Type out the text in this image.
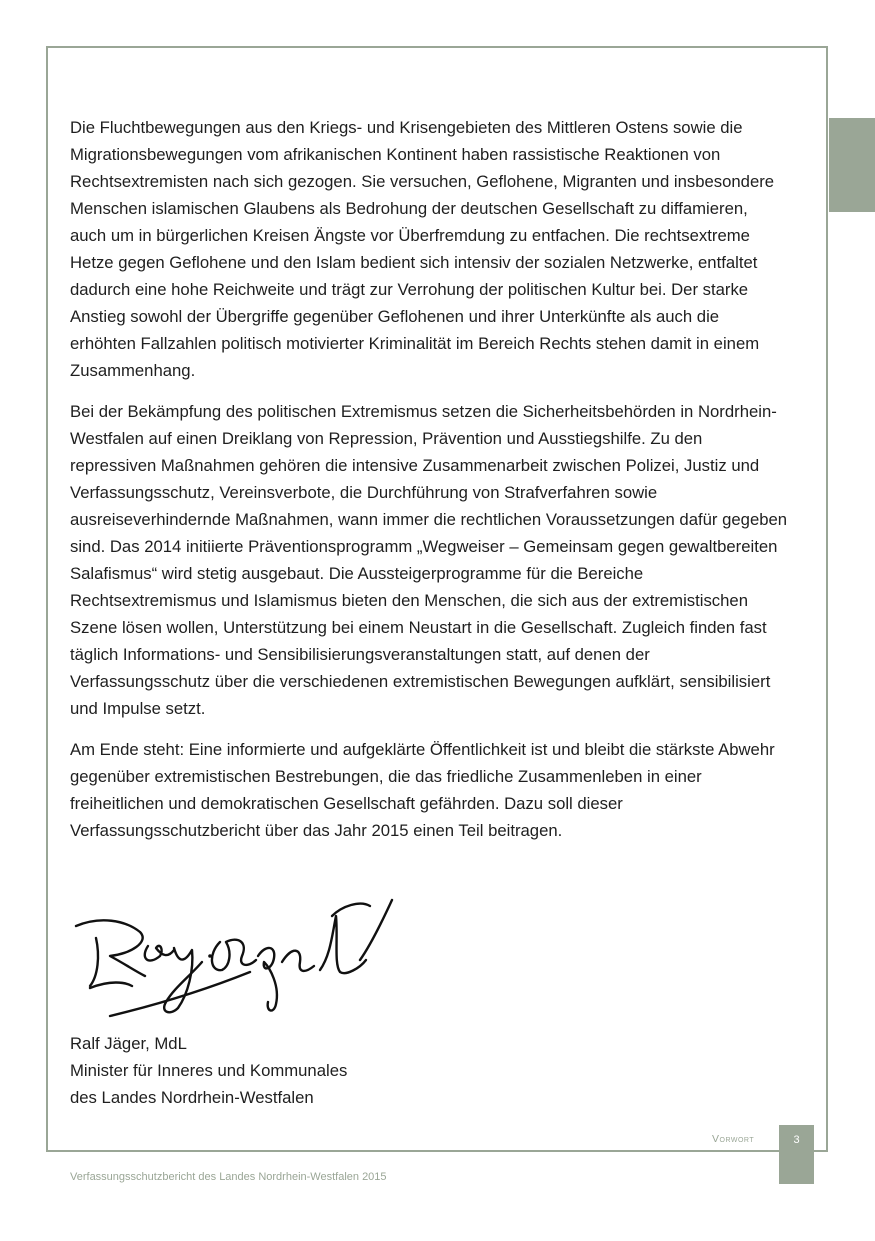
Die Fluchtbewegungen aus den Kriegs- und Krisengebieten des Mittleren Ostens sowie die Migrationsbewegungen vom afrikanischen Kontinent haben rassistische Reaktionen von Rechtsextremisten nach sich gezogen. Sie versuchen, Geflohene, Migranten und insbesondere Menschen islamischen Glaubens als Bedrohung der deutschen Gesellschaft zu diffamieren, auch um in bürgerlichen Kreisen Ängste vor Überfremdung zu entfachen. Die rechtsextreme Hetze gegen Geflohene und den Islam bedient sich intensiv der sozialen Netzwerke, entfaltet dadurch eine hohe Reichweite und trägt zur Verrohung der politischen Kultur bei. Der starke Anstieg sowohl der Übergriffe gegenüber Geflohenen und ihrer Unterkünfte als auch die erhöhten Fallzahlen politisch motivierter Kriminalität im Bereich Rechts stehen damit in einem Zusammenhang.

Bei der Bekämpfung des politischen Extremismus setzen die Sicherheitsbehörden in Nordrhein-Westfalen auf einen Dreiklang von Repression, Prävention und Ausstiegshilfe. Zu den repressiven Maßnahmen gehören die intensive Zusammenarbeit zwischen Polizei, Justiz und Verfassungsschutz, Vereinsverbote, die Durchführung von Strafverfahren sowie ausreiseverhindernde Maßnahmen, wann immer die rechtlichen Voraussetzungen dafür gegeben sind. Das 2014 initiierte Präventionsprogramm „Wegweiser – Gemeinsam gegen gewaltbereiten Salafismus“ wird stetig ausgebaut. Die Aussteigerprogramme für die Bereiche Rechtsextremismus und Islamismus bieten den Menschen, die sich aus der extremistischen Szene lösen wollen, Unterstützung bei einem Neustart in die Gesellschaft. Zugleich finden fast täglich Informations- und Sensibilisierungsveranstaltungen statt, auf denen der Verfassungsschutz über die verschiedenen extremistischen Bewegungen aufklärt, sensibilisiert und Impulse setzt.

Am Ende steht: Eine informierte und aufgeklärte Öffentlichkeit ist und bleibt die stärkste Abwehr gegenüber extremistischen Bestrebungen, die das friedliche Zusammenleben in einer freiheitlichen und demokratischen Gesellschaft gefährden. Dazu soll dieser Verfassungsschutzbericht über das Jahr 2015 einen Teil beitragen.

Ralf Jäger, MdL
Minister für Inneres und Kommunales
des Landes Nordrhein-Westfalen
Vorwort	3
Verfassungsschutzbericht des Landes Nordrhein-Westfalen 2015
